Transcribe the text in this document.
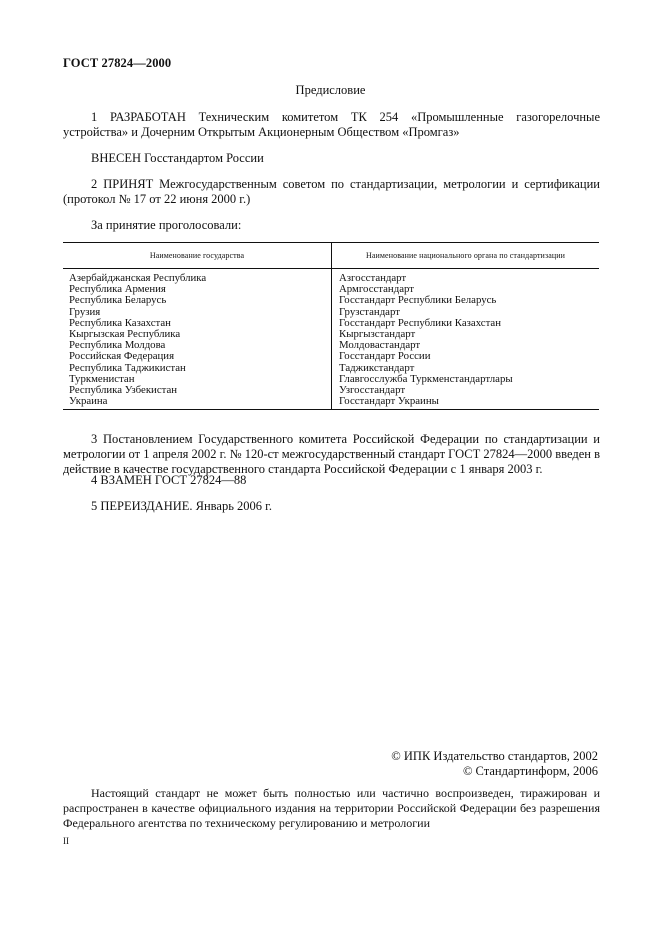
ГОСТ 27824—2000
Предисловие
1 РАЗРАБОТАН Техническим комитетом ТК 254 «Промышленные газогорелочные устройства» и Дочерним Открытым Акционерным Обществом «Промгаз»
ВНЕСЕН Госстандартом России
2 ПРИНЯТ Межгосударственным советом по стандартизации, метрологии и сертификации (протокол № 17 от 22 июня 2000 г.)
За принятие проголосовали:
Наименование государства	Наименование национального органа по стандартизации
Азербайджанская Республика
Республика Армения
Республика Беларусь
Грузия
Республика Казахстан
Кыргызская Республика
Республика Молдова
Российская Федерация
Республика Таджикистан
Туркменистан
Республика Узбекистан
Украина
Азгосстандарт
Армгосстандарт
Госстандарт Республики Беларусь
Грузстандарт
Госстандарт Республики Казахстан
Кыргызстандарт
Молдовастандарт
Госстандарт России
Таджикстандарт
Главгосслужба Туркменстандартлары
Узгосстандарт
Госстандарт Украины
3 Постановлением Государственного комитета Российской Федерации по стандартизации и метрологии от 1 апреля 2002 г. № 120-ст межгосударственный стандарт ГОСТ 27824—2000 введен в действие в качестве государственного стандарта Российской Федерации с 1 января 2003 г.
4 ВЗАМЕН ГОСТ 27824—88
5 ПЕРЕИЗДАНИЕ. Январь 2006 г.
© ИПК Издательство стандартов, 2002
© Стандартинформ, 2006
Настоящий стандарт не может быть полностью или частично воспроизведен, тиражирован и распространен в качестве официального издания на территории Российской Федерации без разрешения Федерального агентства по техническому регулированию и метрологии
II
